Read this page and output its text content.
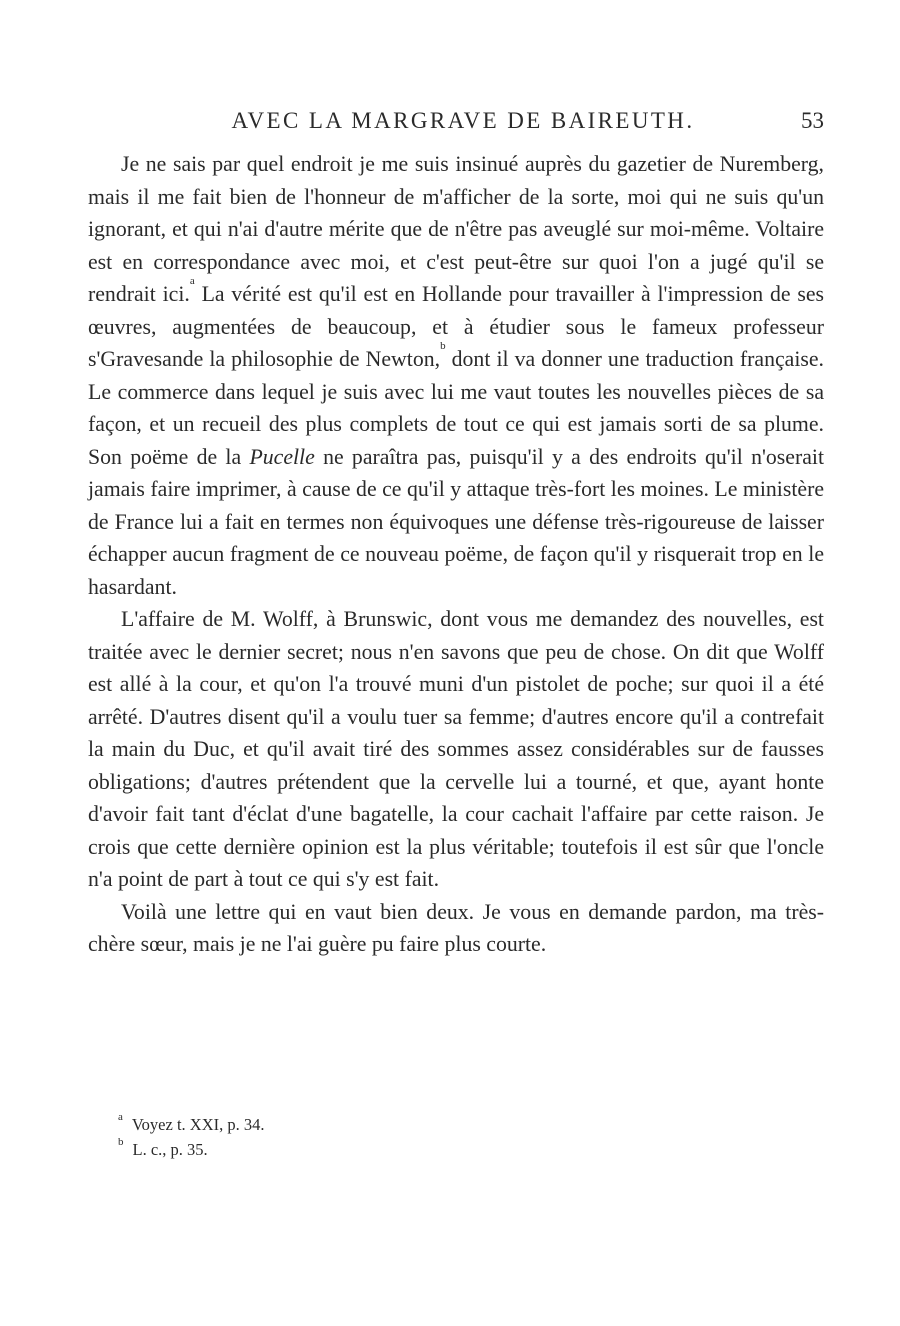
AVEC LA MARGRAVE DE BAIREUTH.	53

Je ne sais par quel endroit je me suis insinué auprès du gazetier de Nuremberg, mais il me fait bien de l'honneur de m'afficher de la sorte, moi qui ne suis qu'un ignorant, et qui n'ai d'autre mérite que de n'être pas aveuglé sur moi-même. Voltaire est en correspondance avec moi, et c'est peut-être sur quoi l'on a jugé qu'il se rendrait ici.$^a$ La vérité est qu'il est en Hollande pour travailler à l'impression de ses œuvres, augmentées de beaucoup, et à étudier sous le fameux professeur s'Gravesande la philosophie de Newton,$^b$ dont il va donner une traduction française. Le commerce dans lequel je suis avec lui me vaut toutes les nouvelles pièces de sa façon, et un recueil des plus complets de tout ce qui est jamais sorti de sa plume. Son poëme de la Pucelle ne paraîtra pas, puisqu'il y a des endroits qu'il n'oserait jamais faire imprimer, à cause de ce qu'il y attaque très-fort les moines. Le ministère de France lui a fait en termes non équivoques une défense très-rigoureuse de laisser échapper aucun fragment de ce nouveau poëme, de façon qu'il y risquerait trop en le hasardant.

L'affaire de M. Wolff, à Brunswic, dont vous me demandez des nouvelles, est traitée avec le dernier secret; nous n'en savons que peu de chose. On dit que Wolff est allé à la cour, et qu'on l'a trouvé muni d'un pistolet de poche; sur quoi il a été arrêté. D'autres disent qu'il a voulu tuer sa femme; d'autres encore qu'il a contrefait la main du Duc, et qu'il avait tiré des sommes assez considérables sur de fausses obligations; d'autres prétendent que la cervelle lui a tourné, et que, ayant honte d'avoir fait tant d'éclat d'une bagatelle, la cour cachait l'affaire par cette raison. Je crois que cette dernière opinion est la plus véritable; toutefois il est sûr que l'oncle n'a point de part à tout ce qui s'y est fait.

Voilà une lettre qui en vaut bien deux. Je vous en demande pardon, ma très-chère sœur, mais je ne l'ai guère pu faire plus courte.

a Voyez t. XXI, p. 34.
b L. c., p. 35.
